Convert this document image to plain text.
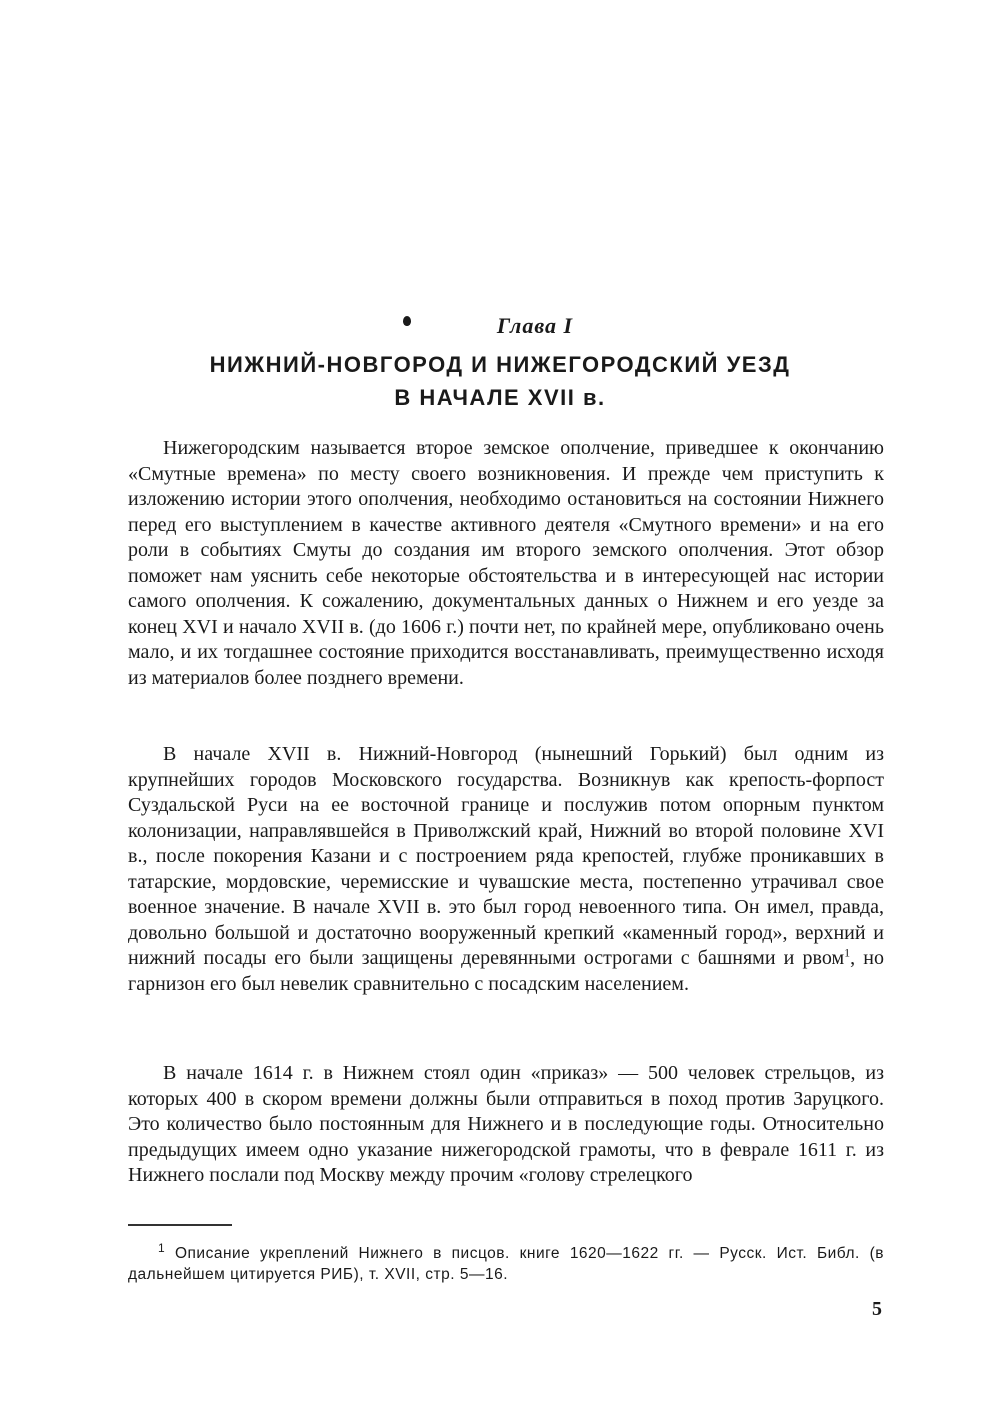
Глава I
НИЖНИЙ-НОВГОРОД И НИЖЕГОРОДСКИЙ УЕЗД
В НАЧАЛЕ XVII в.

Нижегородским называется второе земское ополчение, приведшее к окончанию «Смутные времена» по месту своего возникновения. И прежде чем приступить к изложению истории этого ополчения, необходимо остановиться на состоянии Нижнего перед его выступлением в качестве активного деятеля «Смутного времени» и на его роли в событиях Смуты до создания им второго земского ополчения. Этот обзор поможет нам уяснить себе некоторые обстоятельства и в интересующей нас истории самого ополчения. К сожалению, документальных данных о Нижнем и его уезде за конец XVI и начало XVII в. (до 1606 г.) почти нет, по крайней мере, опубликовано очень мало, и их тогдашнее состояние приходится восстанавливать, преимущественно исходя из материалов более позднего времени.

В начале XVII в. Нижний-Новгород (нынешний Горький) был одним из крупнейших городов Московского государства. Возникнув как крепость-форпост Суздальской Руси на ее восточной границе и послужив потом опорным пунктом колонизации, направлявшейся в Приволжский край, Нижний во второй половине XVI в., после покорения Казани и с построением ряда крепостей, глубже проникавших в татарские, мордовские, черемисские и чувашские места, постепенно утрачивал свое военное значение. В начале XVII в. это был город невоенного типа. Он имел, правда, довольно большой и достаточно вооруженный крепкий «каменный город», верхний и нижний посады его были защищены деревянными острогами с башнями и рвом$^1$, но гарнизон его был невелик сравнительно с посадским населением.

В начале 1614 г. в Нижнем стоял один «приказ» — 500 человек стрельцов, из которых 400 в скором времени должны были отправиться в поход против Заруцкого. Это количество было постоянным для Нижнего и в последующие годы. Относительно предыдущих имеем одно указание нижегородской грамоты, что в феврале 1611 г. из Нижнего послали под Москву между прочим «голову стрелецкого

$^1$ Описание укреплений Нижнего в писцов. книге 1620—1622 гг. — Русск. Ист. Библ. (в дальнейшем цитируется РИБ), т. XVII, стр. 5—16.

5
